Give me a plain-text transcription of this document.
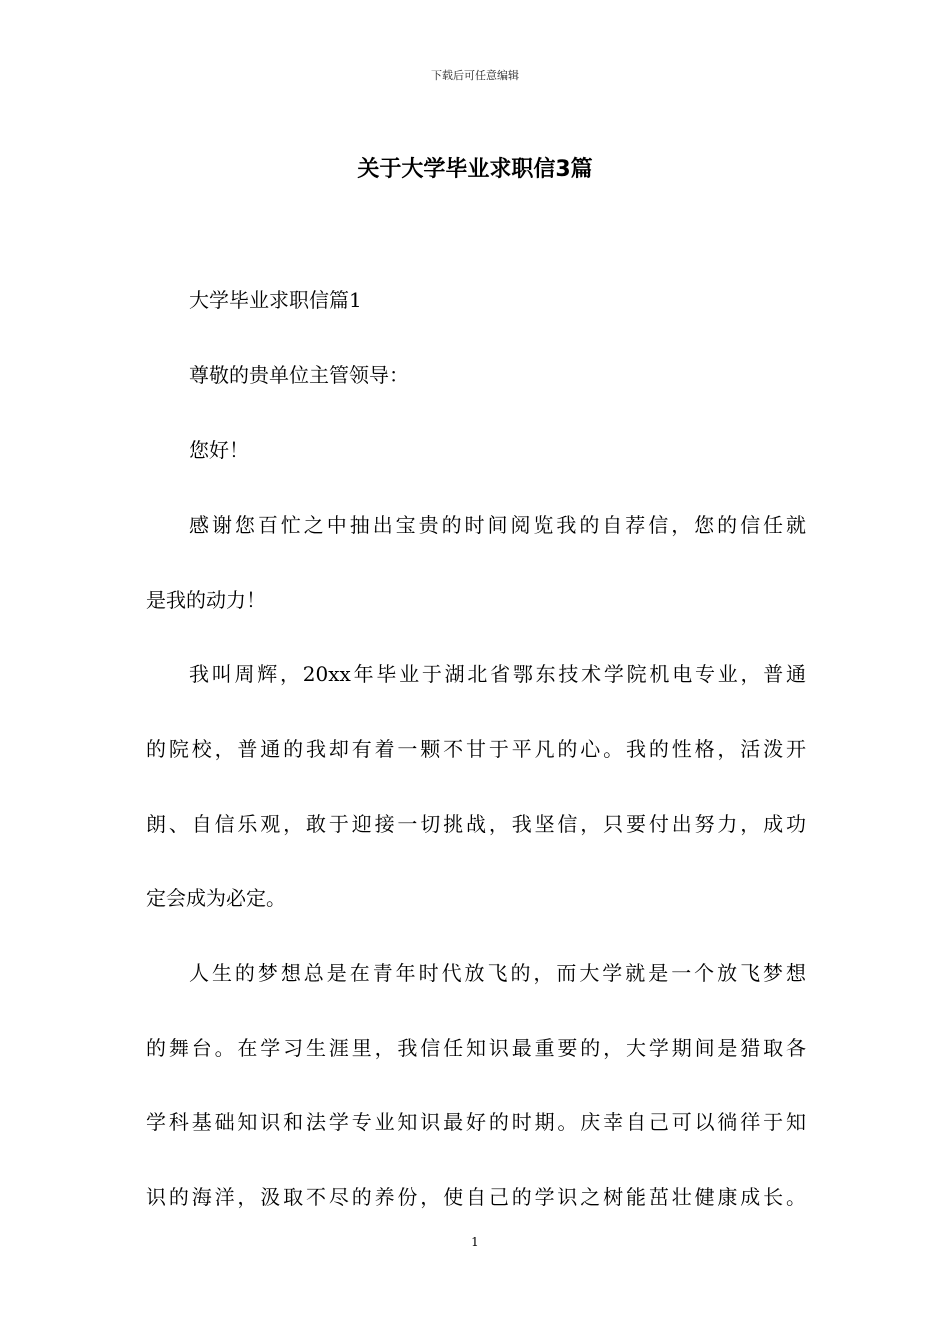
下载后可任意编辑
关于大学毕业求职信3篇

大学毕业求职信篇1

尊敬的贵单位主管领导：

您好！

感谢您百忙之中抽出宝贵的时间阅览我的自荐信，您的信任就

是我的动力！

我叫周辉，20xx年毕业于湖北省鄂东技术学院机电专业，普通

的院校，普通的我却有着一颗不甘于平凡的心。我的性格，活泼开

朗、自信乐观，敢于迎接一切挑战，我坚信，只要付出努力，成功

定会成为必定。

人生的梦想总是在青年时代放飞的，而大学就是一个放飞梦想

的舞台。在学习生涯里，我信任知识最重要的，大学期间是猎取各

学科基础知识和法学专业知识最好的时期。庆幸自己可以徜徉于知

识的海洋，汲取不尽的养份，使自己的学识之树能茁壮健康成长。

1
